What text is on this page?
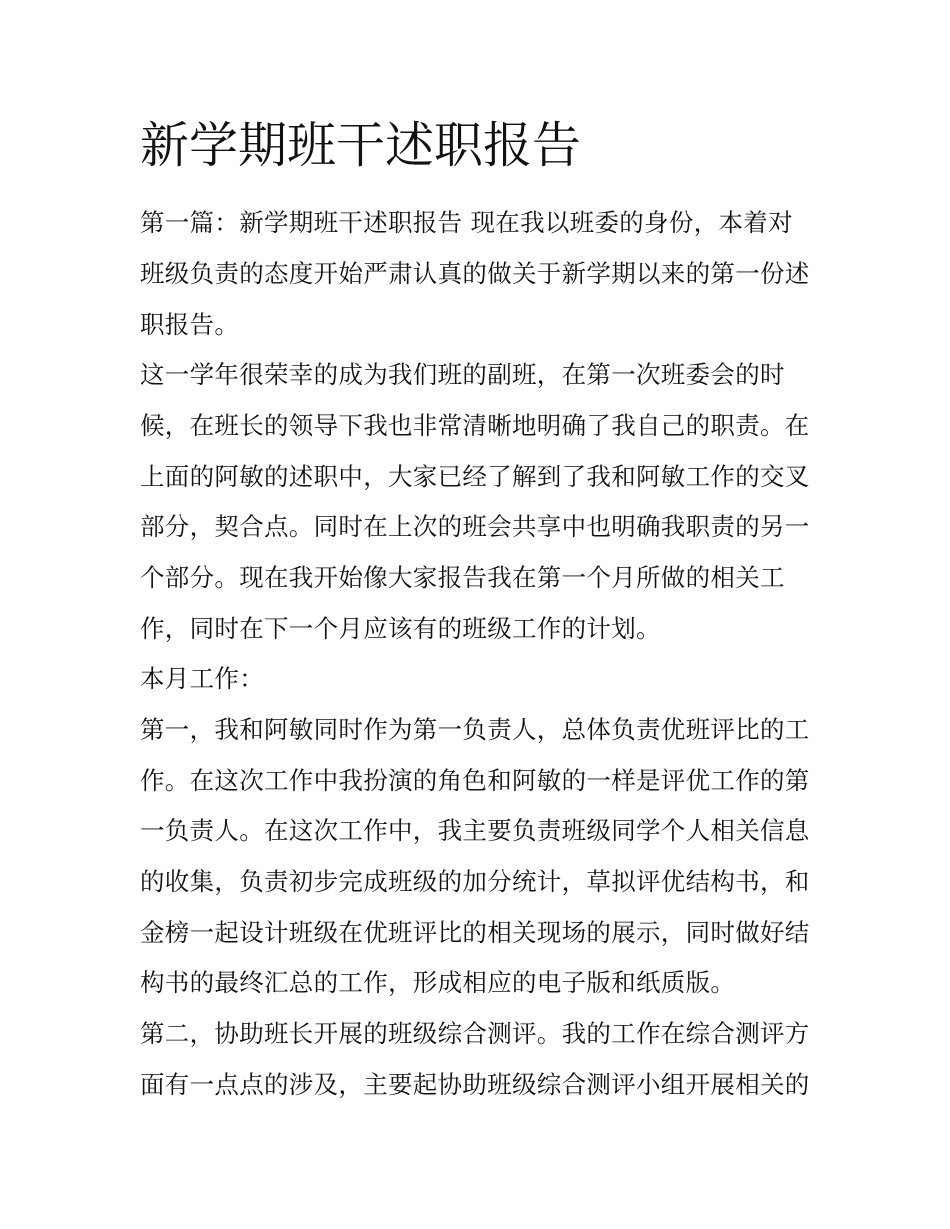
新学期班干述职报告
第一篇：新学期班干述职报告 现在我以班委的身份，本着对
班级负责的态度开始严肃认真的做关于新学期以来的第一份述
职报告。
这一学年很荣幸的成为我们班的副班，在第一次班委会的时
候，在班长的领导下我也非常清晰地明确了我自己的职责。在
上面的阿敏的述职中，大家已经了解到了我和阿敏工作的交叉
部分，契合点。同时在上次的班会共享中也明确我职责的另一
个部分。现在我开始像大家报告我在第一个月所做的相关工
作，同时在下一个月应该有的班级工作的计划。
本月工作：
第一，我和阿敏同时作为第一负责人，总体负责优班评比的工
作。在这次工作中我扮演的角色和阿敏的一样是评优工作的第
一负责人。在这次工作中，我主要负责班级同学个人相关信息
的收集，负责初步完成班级的加分统计，草拟评优结构书，和
金榜一起设计班级在优班评比的相关现场的展示，同时做好结
构书的最终汇总的工作，形成相应的电子版和纸质版。
第二，协助班长开展的班级综合测评。我的工作在综合测评方
面有一点点的涉及，主要起协助班级综合测评小组开展相关的
